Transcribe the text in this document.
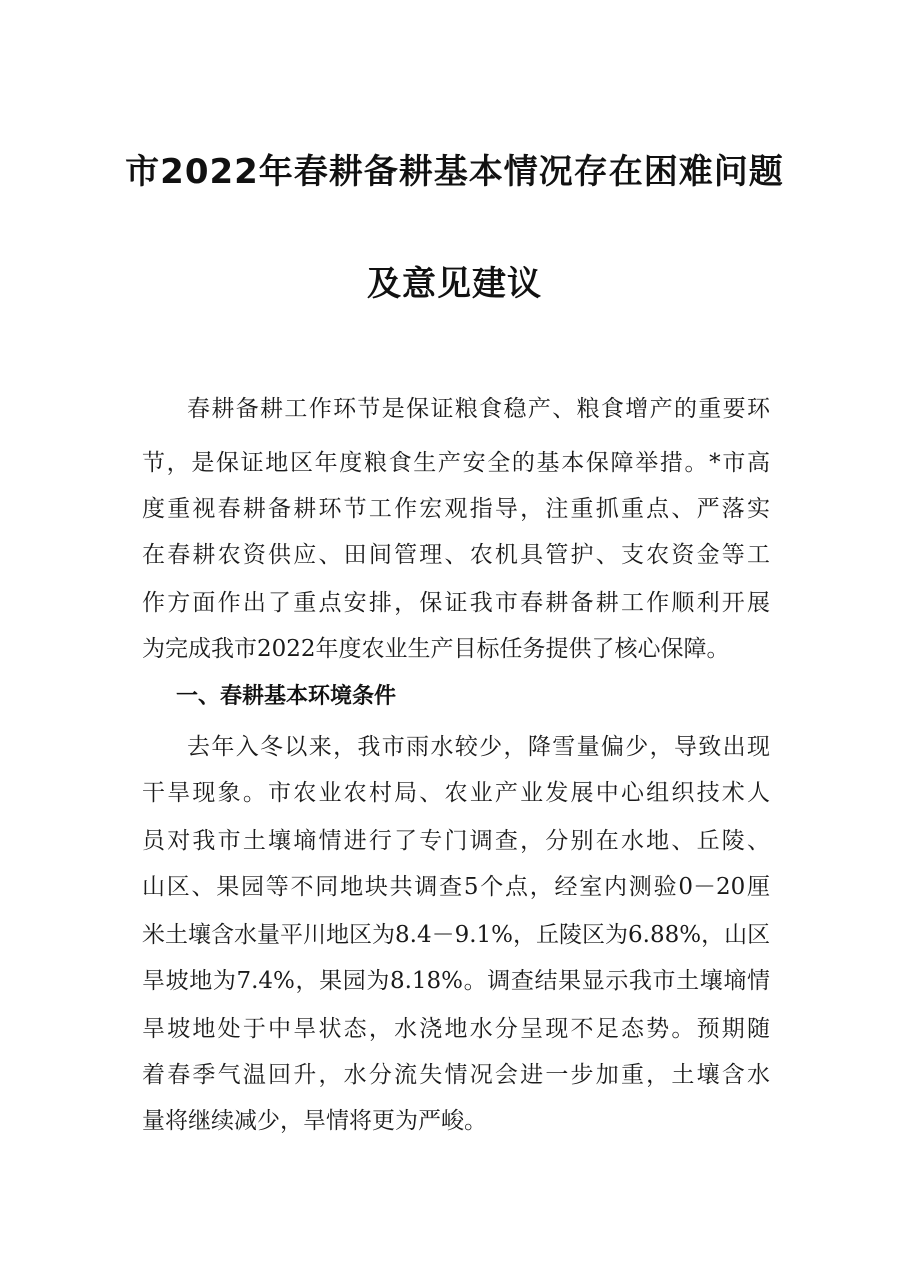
市2022年春耕备耕基本情况存在困难问题
及意见建议
春耕备耕工作环节是保证粮食稳产、粮食增产的重要环
节，是保证地区年度粮食生产安全的基本保障举措。*市高
度重视春耕备耕环节工作宏观指导，注重抓重点、严落实
在春耕农资供应、田间管理、农机具管护、支农资金等工
作方面作出了重点安排，保证我市春耕备耕工作顺利开展
为完成我市2022年度农业生产目标任务提供了核心保障。
一、春耕基本环境条件
去年入冬以来，我市雨水较少，降雪量偏少，导致出现
干旱现象。市农业农村局、农业产业发展中心组织技术人
员对我市土壤墒情进行了专门调查，分别在水地、丘陵、
山区、果园等不同地块共调查5个点，经室内测验0－20厘
米土壤含水量平川地区为8.4－9.1%，丘陵区为6.88%，山区
旱坡地为7.4%，果园为8.18%。调查结果显示我市土壤墒情
旱坡地处于中旱状态，水浇地水分呈现不足态势。预期随
着春季气温回升，水分流失情况会进一步加重，土壤含水
量将继续减少，旱情将更为严峻。
